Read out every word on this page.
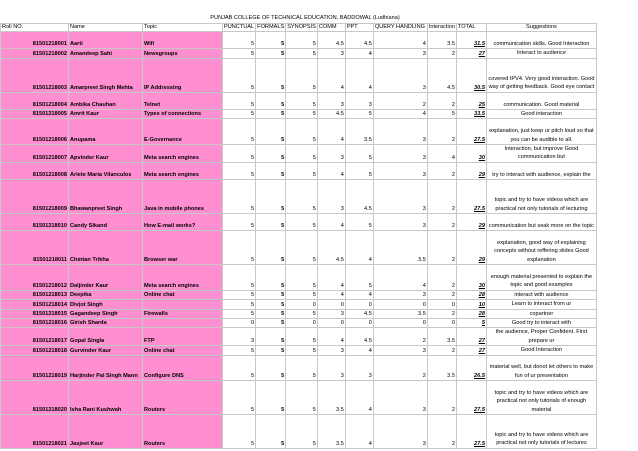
PUNJAB COLLEGE OF TECHNICAL EDUCATION, BADDOWAL (Ludhiana)
Roll NO.	Name	Topic	PUNCTUAL	FORMALS	SYNOPSIS	COMM	PPT	QUERY HANDLING	Interaction	TOTAL	Suggestions
81501218001	Aarti	Wifi	5	5	5	4.5	4.5	4	3.5	31.5	communication skills, Good Interaction
81501218002	Amandeep Sahi	Newsgroups	5	5	5	3	4	3	2	27	Interact to audience
81501218003	Amarpreet Singh Mehta	IP Addressing	5	5	5	4	4	3	4.5	30.5	covered IPV4. Very good interaction. Good way of getting feedback. Good eye contact
81501218004	Ambika Chauhan	Telnet	5	5	5	3	3	2	2	25	communication. Good material
81501218005	Amrit Kaur	Types of connections	5	5	5	4.5	5	4	5	33.5	Good interaction
81501218006	Anupama	E-Governance	5	5	5	4	3.5	3	2	27.5	explanation, just keep ur pitch loud so that you can be audible to all.
81501218007	Apvinder Kaur	Meta search engines	5	5	5	3	5	3	4	30	Interaction, but improve Good communication but
81501218008	Arlete Maria Vilanculos	Meta search engines	5	5	5	4	5	3	2	29	try to interact with audience, explain the
81501218009	Bhawanpreet Singh	Java in mobile phones	5	5	5	3	4.5	3	2	27.5	topic and try to have videos which are practical not only tutorials of lecturing
81501218010	Candy Sikand	How E-mail works?	5	5	5	4	5	3	2	29	communication but seak more on the topic
81501218011	Chintan Trikha	Browser war	5	5	5	4.5	4	3.5	2	29	explanation, good way of explaining concepts without reffering slides Good explanation
81501218012	Daljinder Kaur	Meta search engines	5	5	5	4	5	4	2	30	enough material presented to explain the topic and good examples
81501218013	Deepika	Online chat	5	5	5	4	4	3	2	28	interact with audience
81501218014	Divjot Singh		5	5	0	0	0	0	0	10	Learn to interact from ur
81501218015	Gagandeep Singh	Firewalls	5	5	5	3	4.5	3.5	2	28	copartner
81501218016	Girish Sharda		0	5	0	0	0	0	0	5	Good try to interact with
81501218017	Gopal Singla	FTP	3	5	5	4	4.5	2	3.5	27	the audience, Proper Confident. First prepare ur
81501218018	Gurvinder Kaur	Online chat	5	5	5	3	4	3	2	27	Good Interaction
81501218019	Harjinder Pal Singh Mann	Configure DNS	5	5	5	3	3	2	3.5	26.5	material well, but donot let others to make fun of ur presentation
81501218020	Isha Rani Kushwah	Routers	5	5	5	3.5	4	3	2	27.5	topic and try to have videos which are practical not only tutorials of enough material
81501218021	Jasjeet Kaur	Routers	5	5	5	3.5	4	3	2	27.5	topic and try to have videos which are practical not only tutorials of lectures
